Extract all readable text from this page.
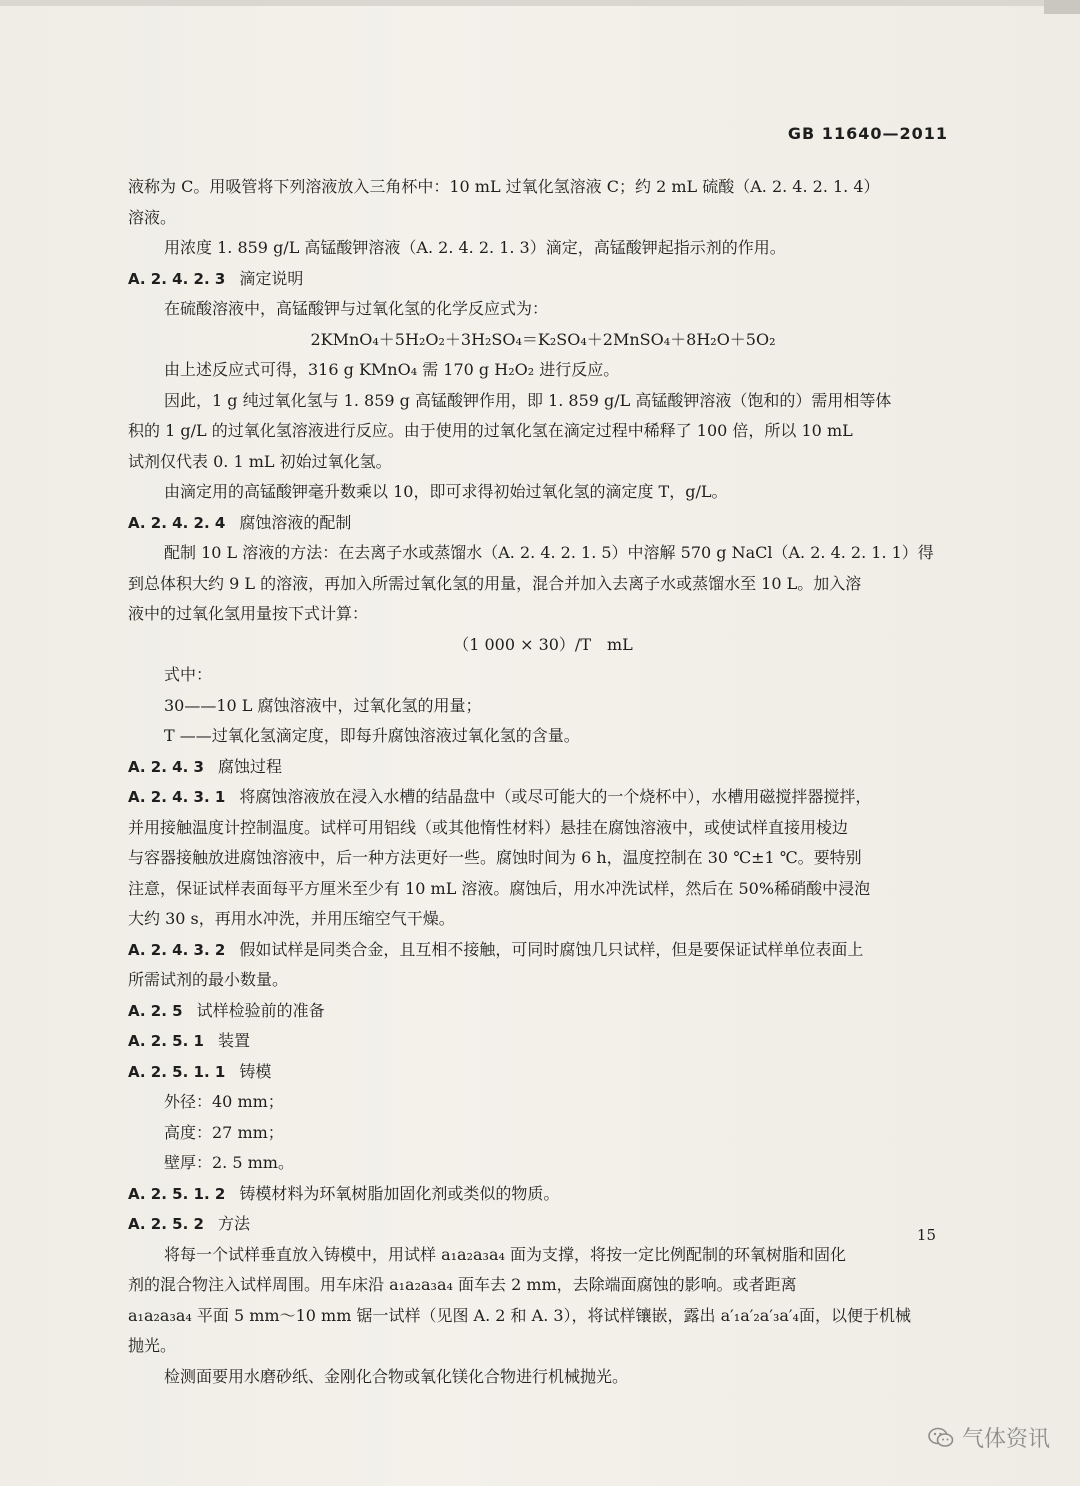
GB 11640—2011
液称为 C。用吸管将下列溶液放入三角杯中：10 mL 过氧化氢溶液 C；约 2 mL 硫酸（A. 2. 4. 2. 1. 4）
溶液。
用浓度 1. 859 g/L 高锰酸钾溶液（A. 2. 4. 2. 1. 3）滴定，高锰酸钾起指示剂的作用。
A. 2. 4. 2. 3 滴定说明
在硫酸溶液中，高锰酸钾与过氧化氢的化学反应式为：
2KMnO₄＋5H₂O₂＋3H₂SO₄＝K₂SO₄＋2MnSO₄＋8H₂O＋5O₂
由上述反应式可得，316 g KMnO₄ 需 170 g H₂O₂ 进行反应。
因此，1 g 纯过氧化氢与 1. 859 g 高锰酸钾作用，即 1. 859 g/L 高锰酸钾溶液（饱和的）需用相等体
积的 1 g/L 的过氧化氢溶液进行反应。由于使用的过氧化氢在滴定过程中稀释了 100 倍，所以 10 mL
试剂仅代表 0. 1 mL 初始过氧化氢。
由滴定用的高锰酸钾毫升数乘以 10，即可求得初始过氧化氢的滴定度 T，g/L。
A. 2. 4. 2. 4 腐蚀溶液的配制
配制 10 L 溶液的方法：在去离子水或蒸馏水（A. 2. 4. 2. 1. 5）中溶解 570 g NaCl（A. 2. 4. 2. 1. 1）得
到总体积大约 9 L 的溶液，再加入所需过氧化氢的用量，混合并加入去离子水或蒸馏水至 10 L。加入溶
液中的过氧化氢用量按下式计算：
（1 000 × 30）/T　mL
式中：
30——10 L 腐蚀溶液中，过氧化氢的用量；
T ——过氧化氢滴定度，即每升腐蚀溶液过氧化氢的含量。
A. 2. 4. 3 腐蚀过程
A. 2. 4. 3. 1 将腐蚀溶液放在浸入水槽的结晶盘中（或尽可能大的一个烧杯中），水槽用磁搅拌器搅拌，
并用接触温度计控制温度。试样可用铝线（或其他惰性材料）悬挂在腐蚀溶液中，或使试样直接用棱边
与容器接触放进腐蚀溶液中，后一种方法更好一些。腐蚀时间为 6 h，温度控制在 30 ℃±1 ℃。要特别
注意，保证试样表面每平方厘米至少有 10 mL 溶液。腐蚀后，用水冲洗试样，然后在 50%稀硝酸中浸泡
大约 30 s，再用水冲洗，并用压缩空气干燥。
A. 2. 4. 3. 2 假如试样是同类合金，且互相不接触，可同时腐蚀几只试样，但是要保证试样单位表面上
所需试剂的最小数量。
A. 2. 5 试样检验前的准备
A. 2. 5. 1 装置
A. 2. 5. 1. 1 铸模
外径：40 mm；
高度：27 mm；
壁厚：2. 5 mm。
A. 2. 5. 1. 2 铸模材料为环氧树脂加固化剂或类似的物质。
A. 2. 5. 2 方法
将每一个试样垂直放入铸模中，用试样 a₁a₂a₃a₄ 面为支撑，将按一定比例配制的环氧树脂和固化
剂的混合物注入试样周围。用车床沿 a₁a₂a₃a₄ 面车去 2 mm，去除端面腐蚀的影响。或者距离
a₁a₂a₃a₄ 平面 5 mm～10 mm 锯一试样（见图 A. 2 和 A. 3），将试样镶嵌，露出 a′₁a′₂a′₃a′₄面，以便于机械
抛光。
检测面要用水磨砂纸、金刚化合物或氧化镁化合物进行机械抛光。
15
气体资讯
